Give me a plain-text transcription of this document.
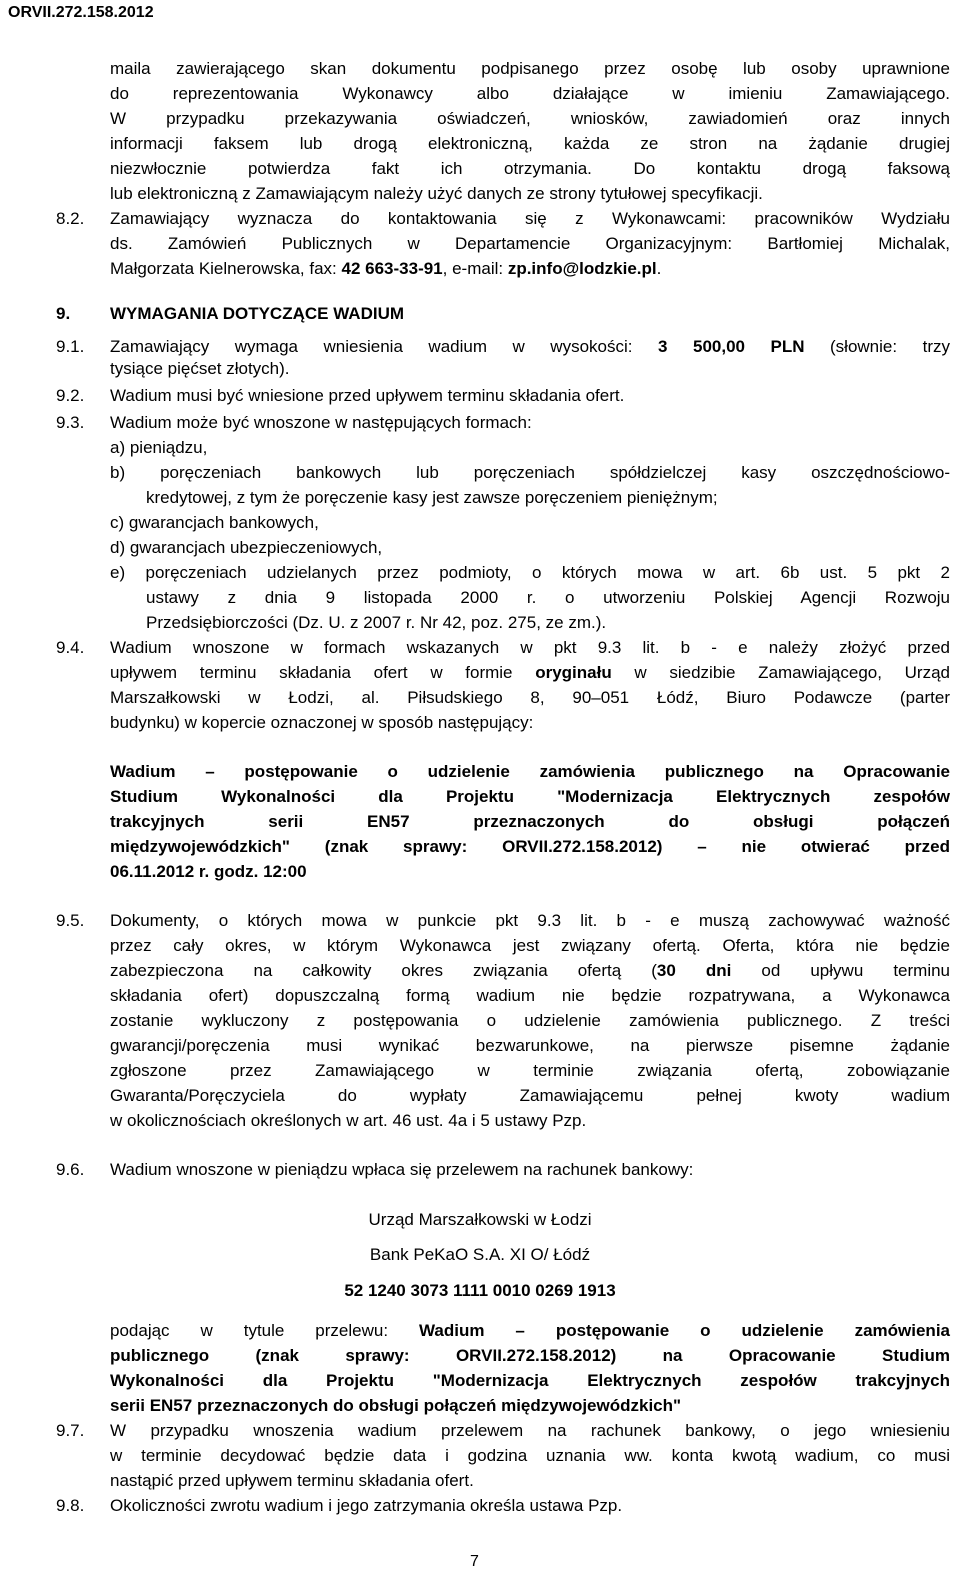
ORVII.272.158.2012
maila zawierającego skan dokumentu podpisanego przez osobę lub osoby uprawnione
do reprezentowania Wykonawcy albo działające w imieniu Zamawiającego.
W przypadku przekazywania oświadczeń, wniosków, zawiadomień oraz innych
informacji faksem lub drogą elektroniczną, każda ze stron na żądanie drugiej
niezwłocznie potwierdza fakt ich otrzymania. Do kontaktu drogą faksową
lub elektroniczną z Zamawiającym należy użyć danych ze strony tytułowej specyfikacji.
8.2. Zamawiający wyznacza do kontaktowania się z Wykonawcami: pracowników Wydziału
ds. Zamówień Publicznych w Departamencie Organizacyjnym: Bartłomiej Michalak,
Małgorzata Kielnerowska, fax: 42 663-33-91, e-mail: zp.info@lodzkie.pl.
9. WYMAGANIA DOTYCZĄCE WADIUM
9.1. Zamawiający wymaga wniesienia wadium w wysokości: 3 500,00 PLN (słownie: trzy
tysiące pięćset złotych).
9.2. Wadium musi być wniesione przed upływem terminu składania ofert.
9.3. Wadium może być wnoszone w następujących formach:
a) pieniądzu,
b) poręczeniach bankowych lub poręczeniach spółdzielczej kasy oszczędnościowo-
kredytowej, z tym że poręczenie kasy jest zawsze poręczeniem pieniężnym;
c) gwarancjach bankowych,
d) gwarancjach ubezpieczeniowych,
e) poręczeniach udzielanych przez podmioty, o których mowa w art. 6b ust. 5 pkt 2
ustawy z dnia 9 listopada 2000 r. o utworzeniu Polskiej Agencji Rozwoju
Przedsiębiorczości (Dz. U. z 2007 r. Nr 42, poz. 275, ze zm.).
9.4. Wadium wnoszone w formach wskazanych w pkt 9.3 lit. b - e należy złożyć przed
upływem terminu składania ofert w formie oryginału w siedzibie Zamawiającego, Urząd
Marszałkowski w Łodzi, al. Piłsudskiego 8, 90–051 Łódź, Biuro Podawcze (parter
budynku) w kopercie oznaczonej w sposób następujący:
Wadium – postępowanie o udzielenie zamówienia publicznego na Opracowanie
Studium Wykonalności dla Projektu "Modernizacja Elektrycznych zespołów
trakcyjnych serii EN57 przeznaczonych do obsługi połączeń
międzywojewódzkich" (znak sprawy: ORVII.272.158.2012) – nie otwierać przed
06.11.2012 r. godz. 12:00
9.5. Dokumenty, o których mowa w punkcie pkt 9.3 lit. b - e muszą zachowywać ważność
przez cały okres, w którym Wykonawca jest związany ofertą. Oferta, która nie będzie
zabezpieczona na całkowity okres związania ofertą (30 dni od upływu terminu
składania ofert) dopuszczalną formą wadium nie będzie rozpatrywana, a Wykonawca
zostanie wykluczony z postępowania o udzielenie zamówienia publicznego. Z treści
gwarancji/poręczenia musi wynikać bezwarunkowe, na pierwsze pisemne żądanie
zgłoszone przez Zamawiającego w terminie związania ofertą, zobowiązanie
Gwaranta/Poręczyciela do wypłaty Zamawiającemu pełnej kwoty wadium
w okolicznościach określonych w art. 46 ust. 4a i 5 ustawy Pzp.
9.6. Wadium wnoszone w pieniądzu wpłaca się przelewem na rachunek bankowy:
Urząd Marszałkowski w Łodzi
Bank PeKaO S.A. XI O/ Łódź
52 1240 3073 1111 0010 0269 1913
podając w tytule przelewu: Wadium – postępowanie o udzielenie zamówienia
publicznego (znak sprawy: ORVII.272.158.2012) na Opracowanie Studium
Wykonalności dla Projektu "Modernizacja Elektrycznych zespołów trakcyjnych
serii EN57 przeznaczonych do obsługi połączeń międzywojewódzkich"
9.7. W przypadku wnoszenia wadium przelewem na rachunek bankowy, o jego wniesieniu
w terminie decydować będzie data i godzina uznania ww. konta kwotą wadium, co musi
nastąpić przed upływem terminu składania ofert.
9.8. Okoliczności zwrotu wadium i jego zatrzymania określa ustawa Pzp.
7
